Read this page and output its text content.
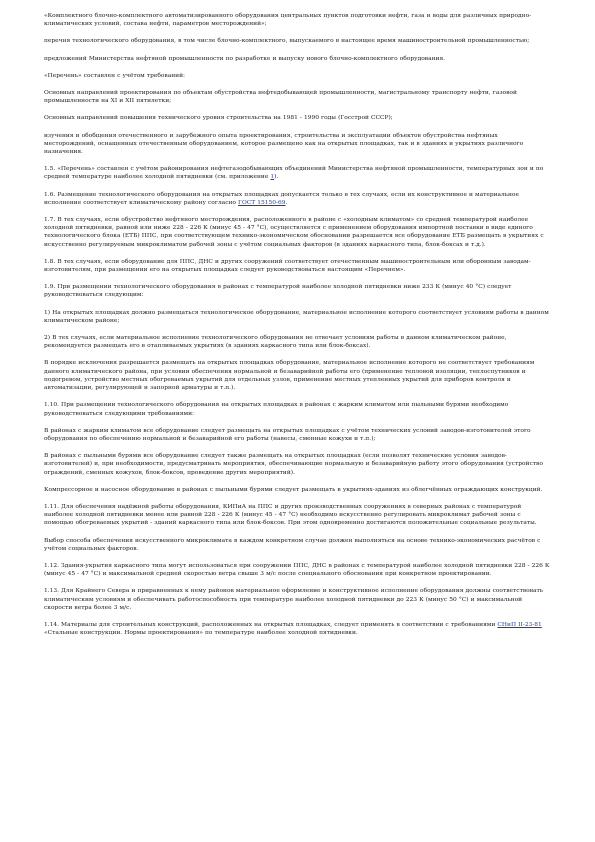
«Комплектного блочно-комплектного автоматизированного оборудования центральных пунктов подготовки нефти, газа и воды для различных природно-климатических условий, состава нефти, параметров месторождений»;

перечня технологического оборудования, в том числе блочно-комплектного, выпускаемого в настоящее время машиностроительной промышленностью;

предложений Министерства нефтяной промышленности по разработке и выпуску нового блочно-комплектного оборудования.

«Перечень» составлен с учётом требований:

Основных направлений проектирования по объектам обустройства нефтедобывающей промышленности, магистральному транспорту нефти, газовой промышленности на XI и XII пятилетки;

Основных направлений повышения технического уровня строительства на 1981 - 1990 годы (Госстрой СССР);

изучения и обобщения отечественного и зарубежного опыта проектирования, строительства и эксплуатации объектов обустройства нефтяных месторождений, оснащенных отечественным оборудованием, которое размещено как на открытых площадках, так и в зданиях и укрытиях различного назначения.

1.5. «Перечень» составлен с учётом районирования нефтегазодобывающих объединений Министерства нефтяной промышленности, температурных зон и по средней температуре наиболее холодной пятидневки (см. приложение 1).

1.6. Размещение технологического оборудования на открытых площадках допускается только в тех случаях, если их конструктивное и материальное исполнение соответствует климатическому району согласно ГОСТ 15150-69.

1.7. В тех случаях, если обустройство нефтяного месторождения, расположенного в районе с «холодным климатом» со средней температурой наиболее холодной пятидневки, равной или ниже 228 - 226 К (минус 45 - 47 °С), осуществляется с применением оборудования импортной поставки в виде единого технологического блока (ЕТБ) ППС, при соответствующем технико-экономическом обосновании разрешается все оборудование ЕТБ размещать в укрытиях с искусственно регулируемым микроклиматом рабочей зоны с учётом социальных факторов (в зданиях каркасного типа, блок-боксах и т.д.).

1.8. В тех случаях, если оборудование для ППС, ДНС и других сооружений соответствует отечественным машиностроительным или оборонным заводам-изготовителям, при размещении его на открытых площадках следует руководствоваться настоящим «Перечнем».

1.9. При размещении технологического оборудования в районах с температурой наиболее холодной пятидневки ниже 233 К (минус 40 °С) следует руководствоваться следующим:

1) На открытых площадках должно размещаться технологическое оборудование, материальное исполнение которого соответствует условиям работы в данном климатическом районе;

2) В тех случаях, если материальное исполнение технологического оборудования не отвечает условиям работы в данном климатическом районе, рекомендуется размещать его в отапливаемых укрытиях (в зданиях каркасного типа или блок-боксах).

В порядке исключения разрешается размещать на открытых площадках оборудование, материальное исполнение которого не соответствует требованиям данного климатического района, при условии обеспечения нормальной и безаварийной работы его (применение тепловой изоляции, теплоспутников и подогревом, устройство местных обогреваемых укрытий для отдельных узлов, применение местных утепленных укрытий для приборов контроля и автоматизации, регулирующей и запорной арматуры и т.п.).

1.10. При размещении технологического оборудования на открытых площадках в районах с жарким климатом или пыльными бурями необходимо руководствоваться следующими требованиями:

В районах с жарким климатом все оборудование следует размещать на открытых площадках с учётом технических условий заводов-изготовителей этого оборудования по обеспечению нормальной и безаварийной его работы (навесы, сменные кожухи и т.п.);

В районах с пыльными бурями все оборудование следует также размещать на открытых площадках (если позволят технические условия заводов-изготовителей) и, при необходимости, предусматривать мероприятия, обеспечивающие нормальную и безаварийную работу этого оборудования (устройство ограждений, сменных кожухов, блок-боксов, проведение других мероприятий).

Компрессорное и насосное оборудование в районах с пыльными бурями следует размещать в укрытиях-зданиях из облегчённых ограждающих конструкций.

1.11. Для обеспечения надёжной работы оборудования, КИПиА на ППС и других производственных сооружениях в северных районах с температурой наиболее холодной пятидневки менее или равной 228 - 226 К (минус 45 - 47 °С) необходимо искусственно регулировать микроклимат рабочей зоны с помощью обогреваемых укрытий - зданий каркасного типа или блок-боксов. При этом одновременно достигаются положительные социальные результаты.

Выбор способа обеспечения искусственного микроклимата в каждом конкретном случае должен выполняться на основе технико-экономических расчётов с учётом социальных факторов.

1.12. Здания-укрытия каркасного типа могут использоваться при сооружении ППС, ДНС в районах с температурой наиболее холодной пятидневки 228 - 226 К (минус 45 - 47 °С) и максимальной средней скоростью ветра свыше 3 м/с после специального обоснования при конкретном проектировании.

1.13. Для Крайнего Севера и приравненных к нему районов материальное оформление и конструктивное исполнение оборудования должны соответствовать климатическим условиям и обеспечивать работоспособность при температуре наиболее холодной пятидневки до 223 К (минус 50 °С) и максимальной скорости ветра более 3 м/с.

1.14. Материалы для строительных конструкций, расположенных на открытых площадках, следует применять в соответствии с требованиями СНиП II-23-81 «Стальные конструкции. Нормы проектирования» по температуре наиболее холодной пятидневки.
